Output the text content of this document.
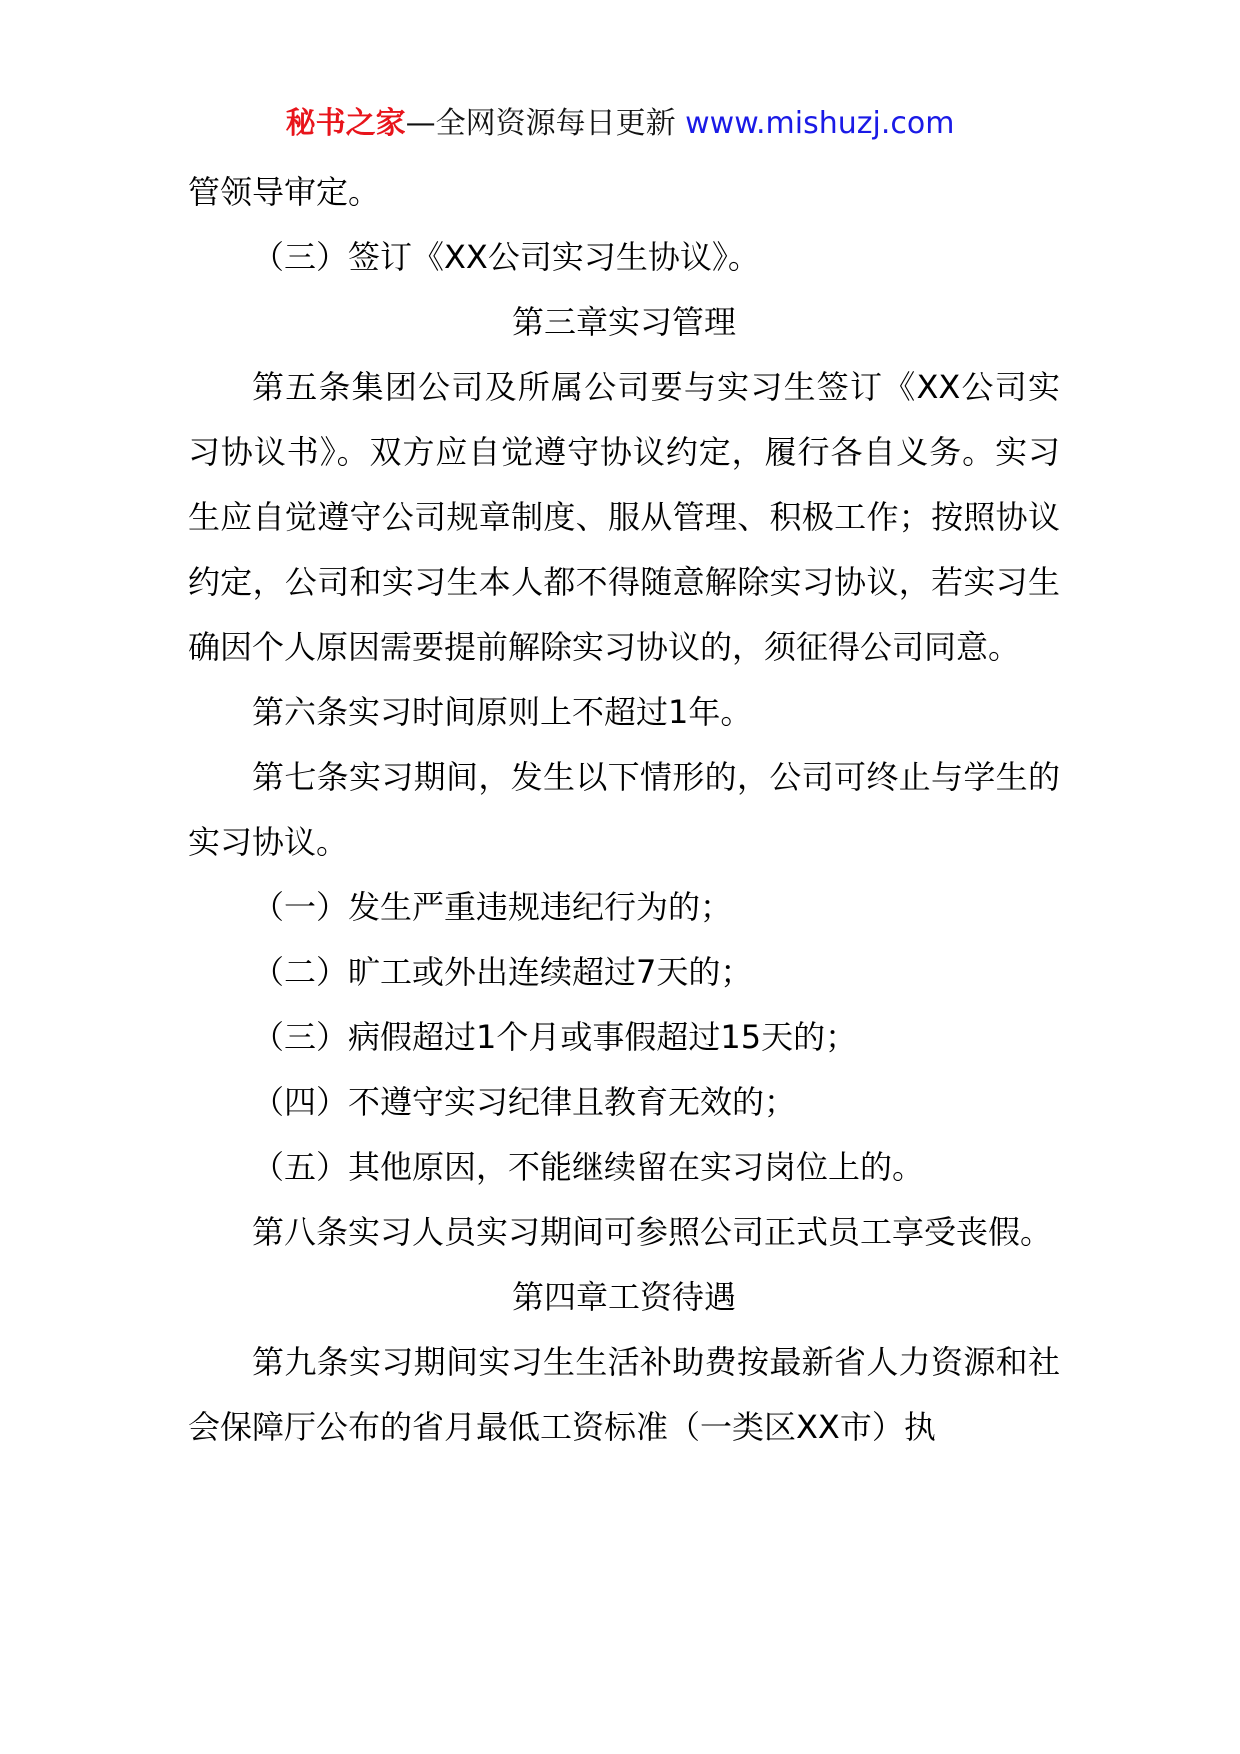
秘书之家—全网资源每日更新 www.mishuzj.com

管领导审定。

（三）签订《XX公司实习生协议》。

第三章实习管理

第五条集团公司及所属公司要与实习生签订《XX公司实习协议书》。双方应自觉遵守协议约定，履行各自义务。实习生应自觉遵守公司规章制度、服从管理、积极工作；按照协议约定，公司和实习生本人都不得随意解除实习协议，若实习生确因个人原因需要提前解除实习协议的，须征得公司同意。

第六条实习时间原则上不超过1年。

第七条实习期间，发生以下情形的，公司可终止与学生的实习协议。

（一）发生严重违规违纪行为的；

（二）旷工或外出连续超过7天的；

（三）病假超过1个月或事假超过15天的；

（四）不遵守实习纪律且教育无效的；

（五）其他原因，不能继续留在实习岗位上的。

第八条实习人员实习期间可参照公司正式员工享受丧假。

第四章工资待遇

第九条实习期间实习生生活补助费按最新省人力资源和社会保障厅公布的省月最低工资标准（一类区XX市）执
